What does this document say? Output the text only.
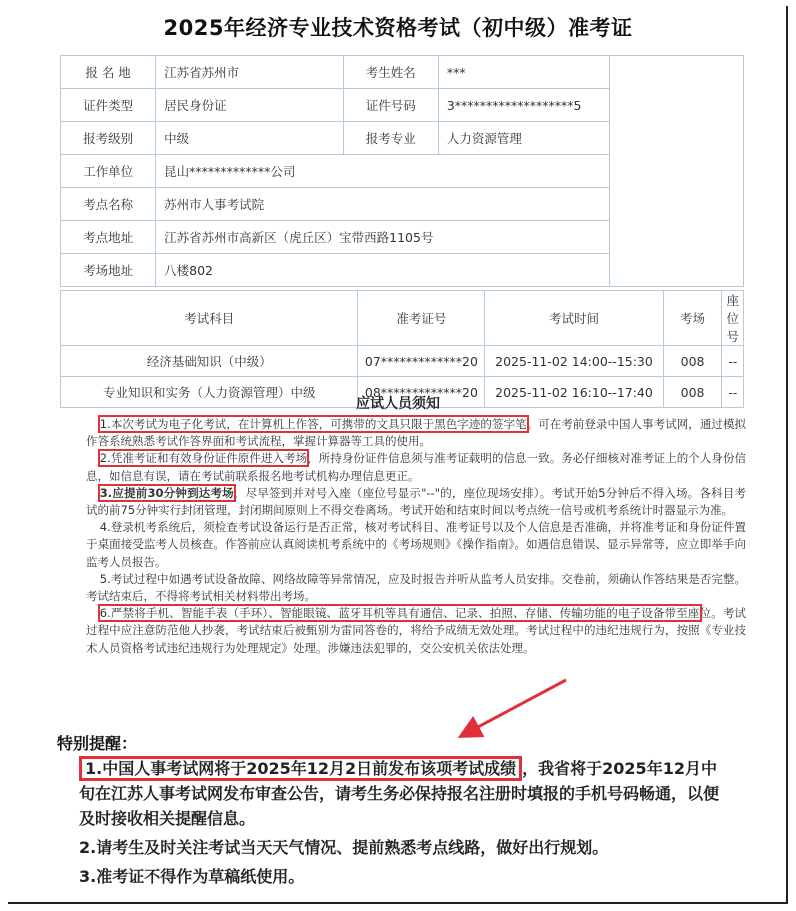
2025年经济专业技术资格考试（初中级）准考证
报 名 地	江苏省苏州市	考生姓名	***	
证件类型	居民身份证	证件号码	3*******************5	
报考级别	中级	报考专业	人力资源管理	
工作单位	昆山*************公司			
考点名称	苏州市人事考试院			
考点地址	江苏省苏州市高新区（虎丘区）宝带西路1105号			
考场地址	八楼802			
考试科目	准考证号	考试时间	考场	座位号
经济基础知识（中级）	07*************20	2025-11-02 14:00--15:30	008	--
专业知识和实务（人力资源管理）中级	08*************20	2025-11-02 16:10--17:40	008	--
应试人员须知

1.本次考试为电子化考试，在计算机上作答，可携带的文具只限于黑色字迹的签字笔。可在考前登录中国人事考试网，通过模拟作答系统熟悉考试作答界面和考试流程，掌握计算器等工具的使用。

2.凭准考证和有效身份证件原件进入考场，所持身份证件信息须与准考证载明的信息一致。务必仔细核对准考证上的个人身份信息，如信息有误，请在考试前联系报名地考试机构办理信息更正。

3.应提前30分钟到达考场，尽早签到并对号入座（座位号显示"--"的，座位现场安排）。考试开始5分钟后不得入场。各科目考试的前75分钟实行封闭管理，封闭期间原则上不得交卷离场。考试开始和结束时间以考点统一信号或机考系统计时器显示为准。

4.登录机考系统后，须检查考试设备运行是否正常，核对考试科目、准考证号以及个人信息是否准确，并将准考证和身份证件置于桌面接受监考人员核查。作答前应认真阅读机考系统中的《考场规则》《操作指南》。如遇信息错误、显示异常等，应立即举手向监考人员报告。

5.考试过程中如遇考试设备故障、网络故障等异常情况，应及时报告并听从监考人员安排。交卷前，须确认作答结果是否完整。考试结束后，不得将考试相关材料带出考场。

6.严禁将手机、智能手表（手环）、智能眼镜、蓝牙耳机等具有通信、记录、拍照、存储、传输功能的电子设备带至座位。考试过程中应注意防范他人抄袭，考试结束后被甄别为雷同答卷的，将给予成绩无效处理。考试过程中的违纪违规行为，按照《专业技术人员资格考试违纪违规行为处理规定》处理。涉嫌违法犯罪的，交公安机关依法处理。

特别提醒：

1.中国人事考试网将于2025年12月2日前发布该项考试成绩 ，我省将于2025年12月中旬在江苏人事考试网发布审查公告，请考生务必保持报名注册时填报的手机号码畅通，以便及时接收相关提醒信息。

2.请考生及时关注考试当天天气情况、提前熟悉考点线路，做好出行规划。

3.准考证不得作为草稿纸使用。
